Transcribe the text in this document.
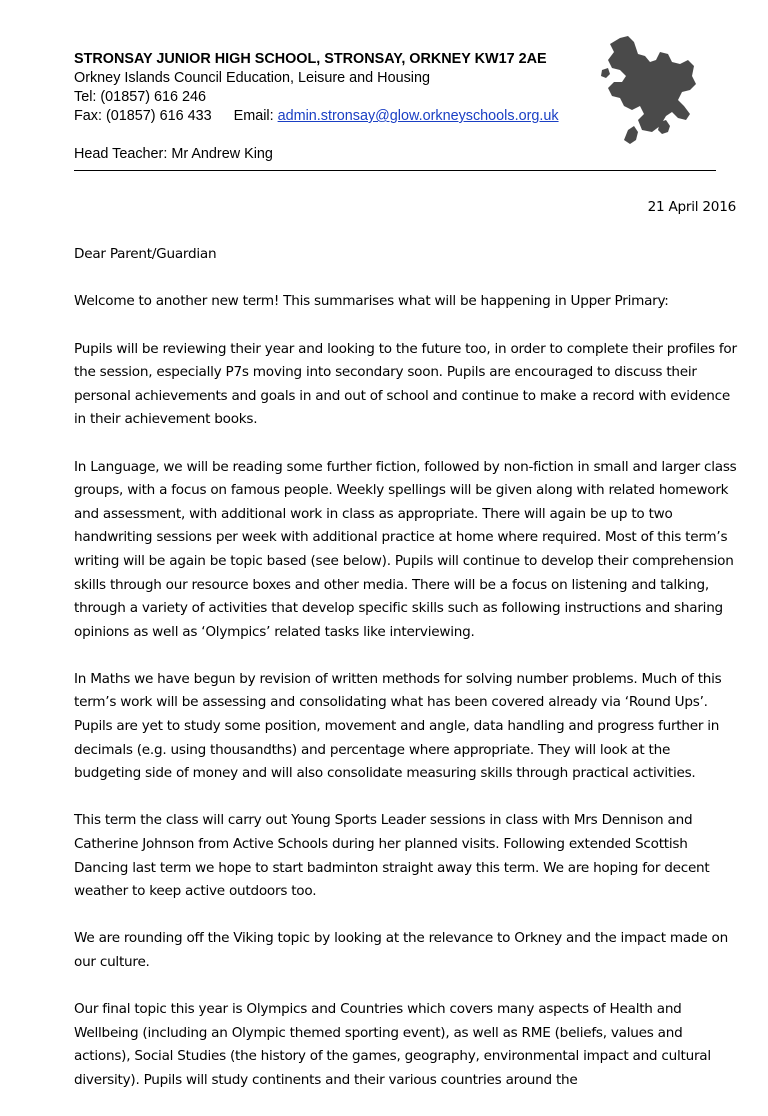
STRONSAY JUNIOR HIGH SCHOOL, STRONSAY, ORKNEY KW17 2AE
Orkney Islands Council Education, Leisure and Housing
Tel: (01857) 616 246
Fax: (01857) 616 433 Email: admin.stronsay@glow.orkneyschools.org.uk
Head Teacher: Mr Andrew King

21 April 2016

Dear Parent/Guardian

Welcome to another new term! This summarises what will be happening in Upper Primary:

Pupils will be reviewing their year and looking to the future too, in order to complete their profiles for the session, especially P7s moving into secondary soon. Pupils are encouraged to discuss their personal achievements and goals in and out of school and continue to make a record with evidence in their achievement books.

In Language, we will be reading some further fiction, followed by non-fiction in small and larger class groups, with a focus on famous people. Weekly spellings will be given along with related homework and assessment, with additional work in class as appropriate. There will again be up to two handwriting sessions per week with additional practice at home where required. Most of this term’s writing will be again be topic based (see below). Pupils will continue to develop their comprehension skills through our resource boxes and other media. There will be a focus on listening and talking, through a variety of activities that develop specific skills such as following instructions and sharing opinions as well as ‘Olympics’ related tasks like interviewing.

In Maths we have begun by revision of written methods for solving number problems. Much of this term’s work will be assessing and consolidating what has been covered already via ‘Round Ups’. Pupils are yet to study some position, movement and angle, data handling and progress further in decimals (e.g. using thousandths) and percentage where appropriate. They will look at the budgeting side of money and will also consolidate measuring skills through practical activities.

This term the class will carry out Young Sports Leader sessions in class with Mrs Dennison and Catherine Johnson from Active Schools during her planned visits. Following extended Scottish Dancing last term we hope to start badminton straight away this term. We are hoping for decent weather to keep active outdoors too.

We are rounding off the Viking topic by looking at the relevance to Orkney and the impact made on our culture.

Our final topic this year is Olympics and Countries which covers many aspects of Health and Wellbeing (including an Olympic themed sporting event), as well as RME (beliefs, values and actions), Social Studies (the history of the games, geography, environmental impact and cultural diversity). Pupils will study continents and their various countries around the
